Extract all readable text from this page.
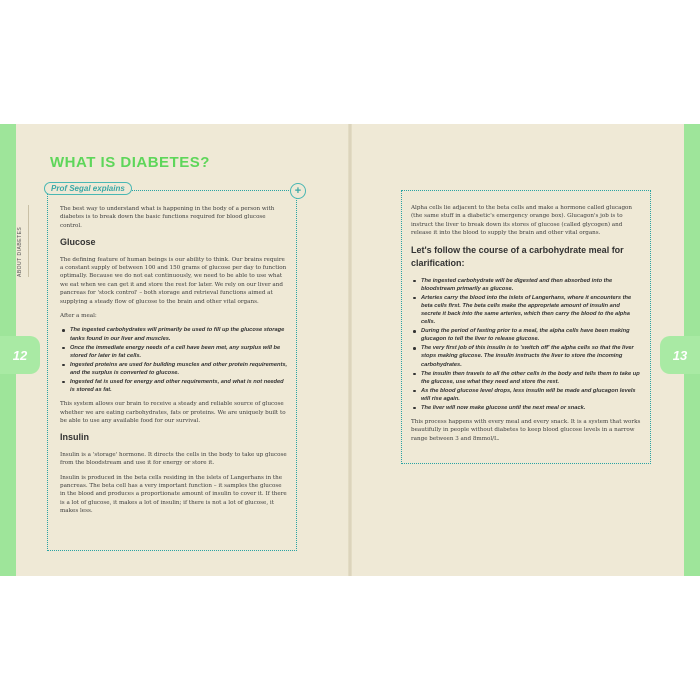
12	13
ABOUT DIABETES
WHAT IS DIABETES?
Prof Segal explains	+

The best way to understand what is happening in the body of a person with diabetes is to break down the basic functions required for blood glucose control.

Glucose

The defining feature of human beings is our ability to think. Our brains require a constant supply of between 100 and 150 grams of glucose per day to function optimally. Because we do not eat continuously, we need to be able to use what we eat when we can get it and store the rest for later. We rely on our liver and pancreas for 'stock control' – both storage and retrieval functions aimed at supplying a steady flow of glucose to the brain and other vital organs.

After a meal:

The ingested carbohydrates will primarily be used to fill up the glucose storage tanks found in our liver and muscles.
Once the immediate energy needs of a cell have been met, any surplus will be stored for later in fat cells.
Ingested proteins are used for building muscles and other protein requirements, and the surplus is converted to glucose.
Ingested fat is used for energy and other requirements, and what is not needed is stored as fat.

This system allows our brain to receive a steady and reliable source of glucose whether we are eating carbohydrates, fats or proteins. We are uniquely built to be able to use any available food for our survival.

Insulin

Insulin is a 'storage' hormone. It directs the cells in the body to take up glucose from the bloodstream and use it for energy or store it.

Insulin is produced in the beta cells residing in the islets of Langerhans in the pancreas. The beta cell has a very important function – it samples the glucose in the blood and produces a proportionate amount of insulin to cover it. If there is a lot of glucose, it makes a lot of insulin; if there is not a lot of glucose, it makes less.

Alpha cells lie adjacent to the beta cells and make a hormone called glucagon (the same stuff in a diabetic's emergency orange box). Glucagon's job is to instruct the liver to break down its stores of glucose (called glycogen) and release it into the blood to supply the brain and other vital organs.

Let's follow the course of a carbohydrate meal for clarification:
The ingested carbohydrate will be digested and then absorbed into the bloodstream primarily as glucose.
Arteries carry the blood into the islets of Langerhans, where it encounters the beta cells first. The beta cells make the appropriate amount of insulin and secrete it back into the same arteries, which then carry the blood to the alpha cells.
During the period of fasting prior to a meal, the alpha cells have been making glucagon to tell the liver to release glucose.
The very first job of this insulin is to 'switch off' the alpha cells so that the liver stops making glucose. The insulin instructs the liver to store the incoming carbohydrates.
The insulin then travels to all the other cells in the body and tells them to take up the glucose, use what they need and store the rest.
As the blood glucose level drops, less insulin will be made and glucagon levels will rise again.
The liver will now make glucose until the next meal or snack.

This process happens with every meal and every snack. It is a system that works beautifully in people without diabetes to keep blood glucose levels in a narrow range between 3 and 8mmol/L.
